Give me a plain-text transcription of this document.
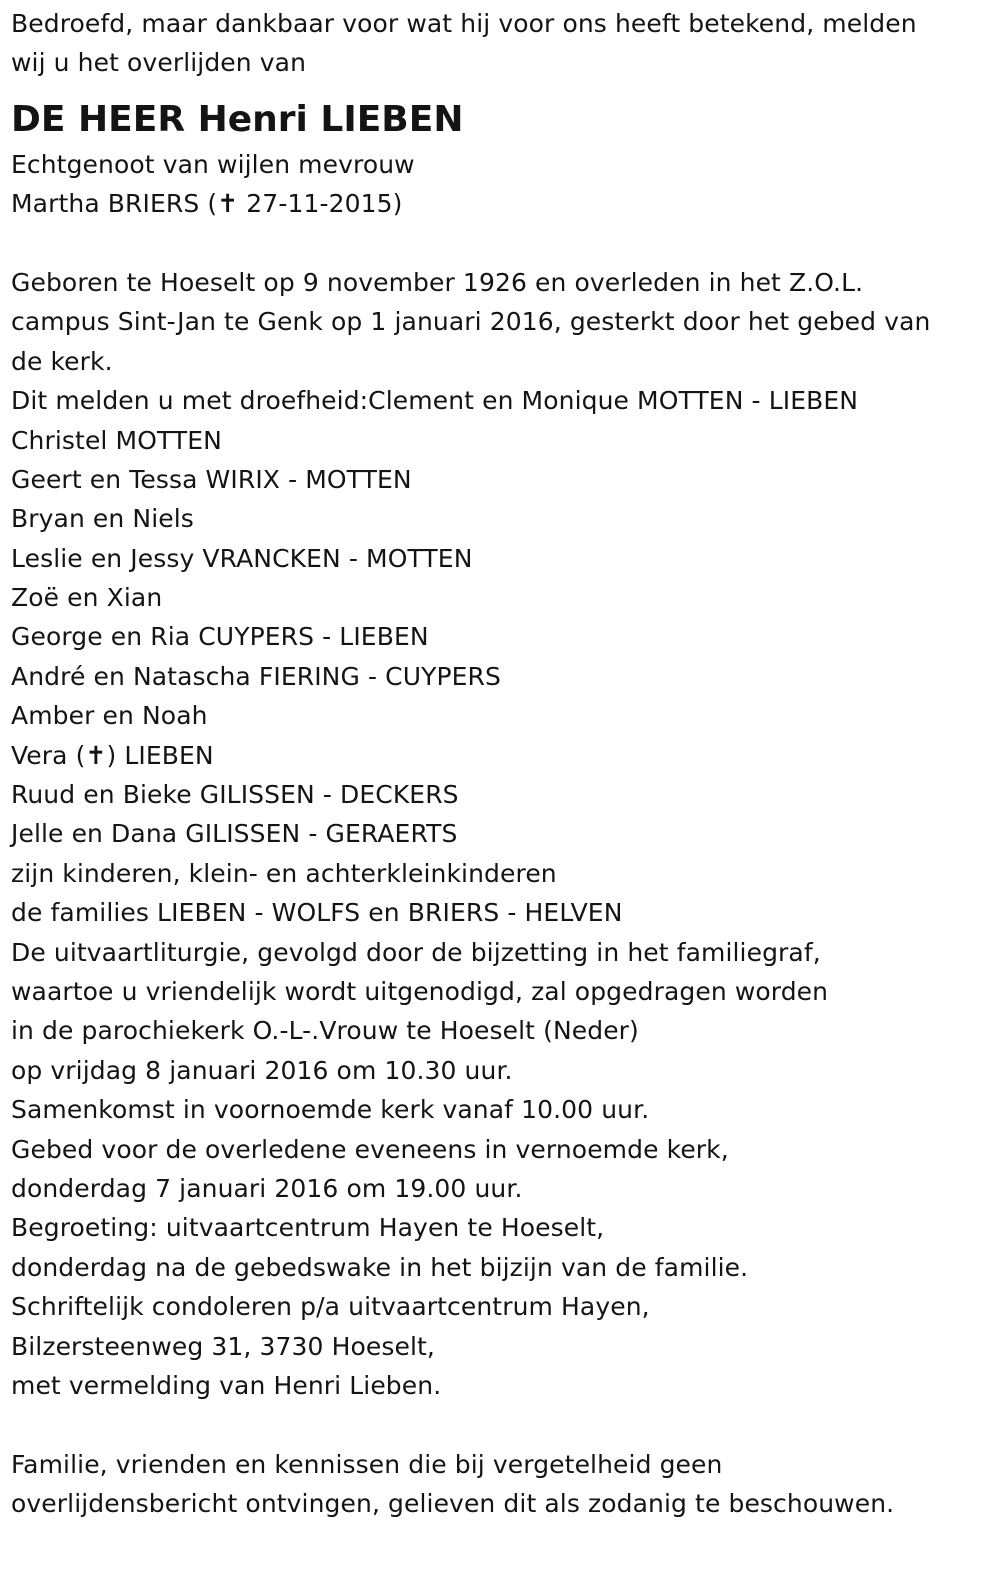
Bedroefd, maar dankbaar voor wat hij voor ons heeft betekend, melden
wij u het overlijden van
DE HEER Henri LIEBEN
Echtgenoot van wijlen mevrouw
Martha BRIERS (✝ 27-11-2015)
Geboren te Hoeselt op 9 november 1926 en overleden in het Z.O.L.
campus Sint-Jan te Genk op 1 januari 2016, gesterkt door het gebed van
de kerk.
Dit melden u met droefheid:Clement en Monique MOTTEN - LIEBEN
Christel MOTTEN
Geert en Tessa WIRIX - MOTTEN
Bryan en Niels
Leslie en Jessy VRANCKEN - MOTTEN
Zoë en Xian
George en Ria CUYPERS - LIEBEN
André en Natascha FIERING - CUYPERS
Amber en Noah
Vera (✝) LIEBEN
Ruud en Bieke GILISSEN - DECKERS
Jelle en Dana GILISSEN - GERAERTS
zijn kinderen, klein- en achterkleinkinderen
de families LIEBEN - WOLFS en BRIERS - HELVEN
De uitvaartliturgie, gevolgd door de bijzetting in het familiegraf,
waartoe u vriendelijk wordt uitgenodigd, zal opgedragen worden
in de parochiekerk O.-L-.Vrouw te Hoeselt (Neder)
op vrijdag 8 januari 2016 om 10.30 uur.
Samenkomst in voornoemde kerk vanaf 10.00 uur.
Gebed voor de overledene eveneens in vernoemde kerk,
donderdag 7 januari 2016 om 19.00 uur.
Begroeting: uitvaartcentrum Hayen te Hoeselt,
donderdag na de gebedswake in het bijzijn van de familie.
Schriftelijk condoleren p/a uitvaartcentrum Hayen,
Bilzersteenweg 31, 3730 Hoeselt,
met vermelding van Henri Lieben.
Familie, vrienden en kennissen die bij vergetelheid geen
overlijdensbericht ontvingen, gelieven dit als zodanig te beschouwen.
